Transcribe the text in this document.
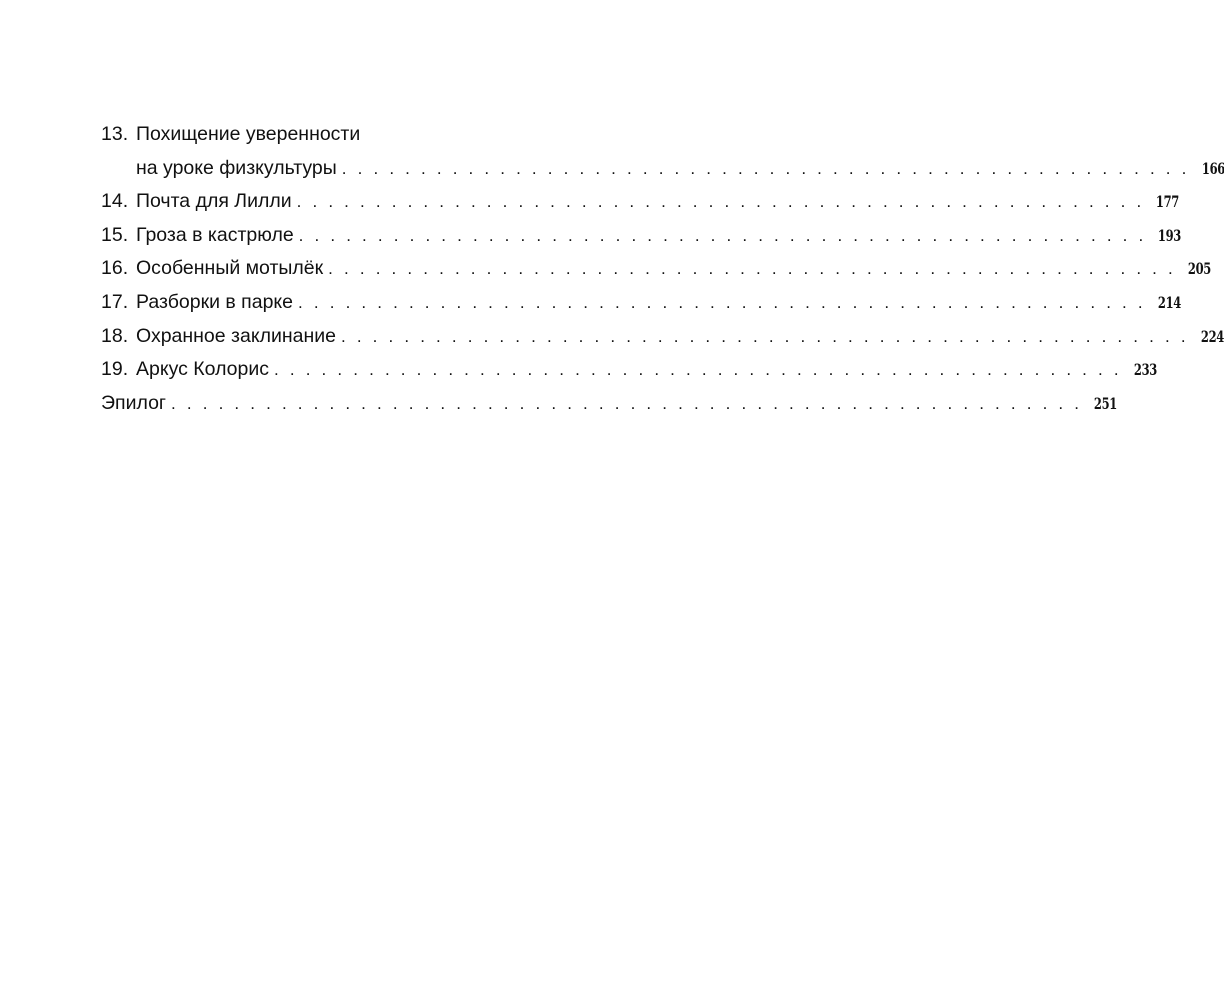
13. Похищение уверенности
на уроке физкультуры . . . . . . . . . . . . . . . . . . . . . . . . . . . . . . . . . . . . . . . . . . . . . . . . . . . . . . 166
14. Почта для Лилли . . . . . . . . . . . . . . . . . . . . . . . . . . . . . . . . . . . . . . . . . . . . . . . . . . . . . . 177
15. Гроза в кастрюле . . . . . . . . . . . . . . . . . . . . . . . . . . . . . . . . . . . . . . . . . . . . . . . . . . . . . . 193
16. Особенный мотылёк . . . . . . . . . . . . . . . . . . . . . . . . . . . . . . . . . . . . . . . . . . . . . . . . . . . . . . 205
17. Разборки в парке . . . . . . . . . . . . . . . . . . . . . . . . . . . . . . . . . . . . . . . . . . . . . . . . . . . . . . 214
18. Охранное заклинание . . . . . . . . . . . . . . . . . . . . . . . . . . . . . . . . . . . . . . . . . . . . . . . . . . . . . . 224
19. Аркус Колорис . . . . . . . . . . . . . . . . . . . . . . . . . . . . . . . . . . . . . . . . . . . . . . . . . . . . . . 233
Эпилог . . . . . . . . . . . . . . . . . . . . . . . . . . . . . . . . . . . . . . . . . . . . . . . . . . . . . . . . . . 251
